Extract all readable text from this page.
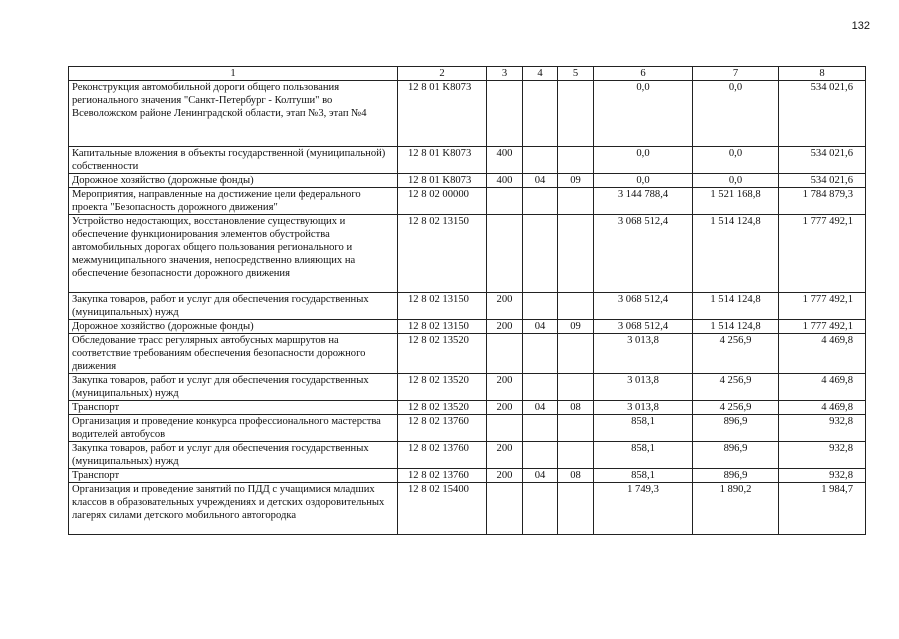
132
1	2	3	4	5	6	7	8
Реконструкция автомобильной дороги общего пользования регионального значения "Санкт-Петербург - Колтуши" во Всеволожском районе Ленинградской области, этап №3, этап №4	12 8 01 K8073				0,0	0,0	534 021,6
Капитальные вложения в объекты государственной (муниципальной) собственности	12 8 01 K8073	400			0,0	0,0	534 021,6
Дорожное хозяйство (дорожные фонды)	12 8 01 K8073	400	04	09	0,0	0,0	534 021,6
Мероприятия, направленные на достижение цели федерального проекта "Безопасность дорожного движения"	12 8 02 00000				3 144 788,4	1 521 168,8	1 784 879,3
Устройство недостающих, восстановление существующих и обеспечение функционирования элементов обустройства автомобильных дорогах общего пользования регионального и межмуниципального значения, непосредственно влияющих на обеспечение безопасности дорожного движения	12 8 02 13150				3 068 512,4	1 514 124,8	1 777 492,1
Закупка товаров, работ и услуг для обеспечения государственных (муниципальных) нужд	12 8 02 13150	200			3 068 512,4	1 514 124,8	1 777 492,1
Дорожное хозяйство (дорожные фонды)	12 8 02 13150	200	04	09	3 068 512,4	1 514 124,8	1 777 492,1
Обследование трасс регулярных автобусных маршрутов на соответствие требованиям обеспечения безопасности дорожного движения	12 8 02 13520				3 013,8	4 256,9	4 469,8
Закупка товаров, работ и услуг для обеспечения государственных (муниципальных) нужд	12 8 02 13520	200			3 013,8	4 256,9	4 469,8
Транспорт	12 8 02 13520	200	04	08	3 013,8	4 256,9	4 469,8
Организация и проведение конкурса профессионального мастерства водителей автобусов	12 8 02 13760				858,1	896,9	932,8
Закупка товаров, работ и услуг для обеспечения государственных (муниципальных) нужд	12 8 02 13760	200			858,1	896,9	932,8
Транспорт	12 8 02 13760	200	04	08	858,1	896,9	932,8
Организация и проведение занятий по ПДД с учащимися младших классов в образовательных учреждениях и детских оздоровительных лагерях силами детского мобильного автогородка	12 8 02 15400				1 749,3	1 890,2	1 984,7
